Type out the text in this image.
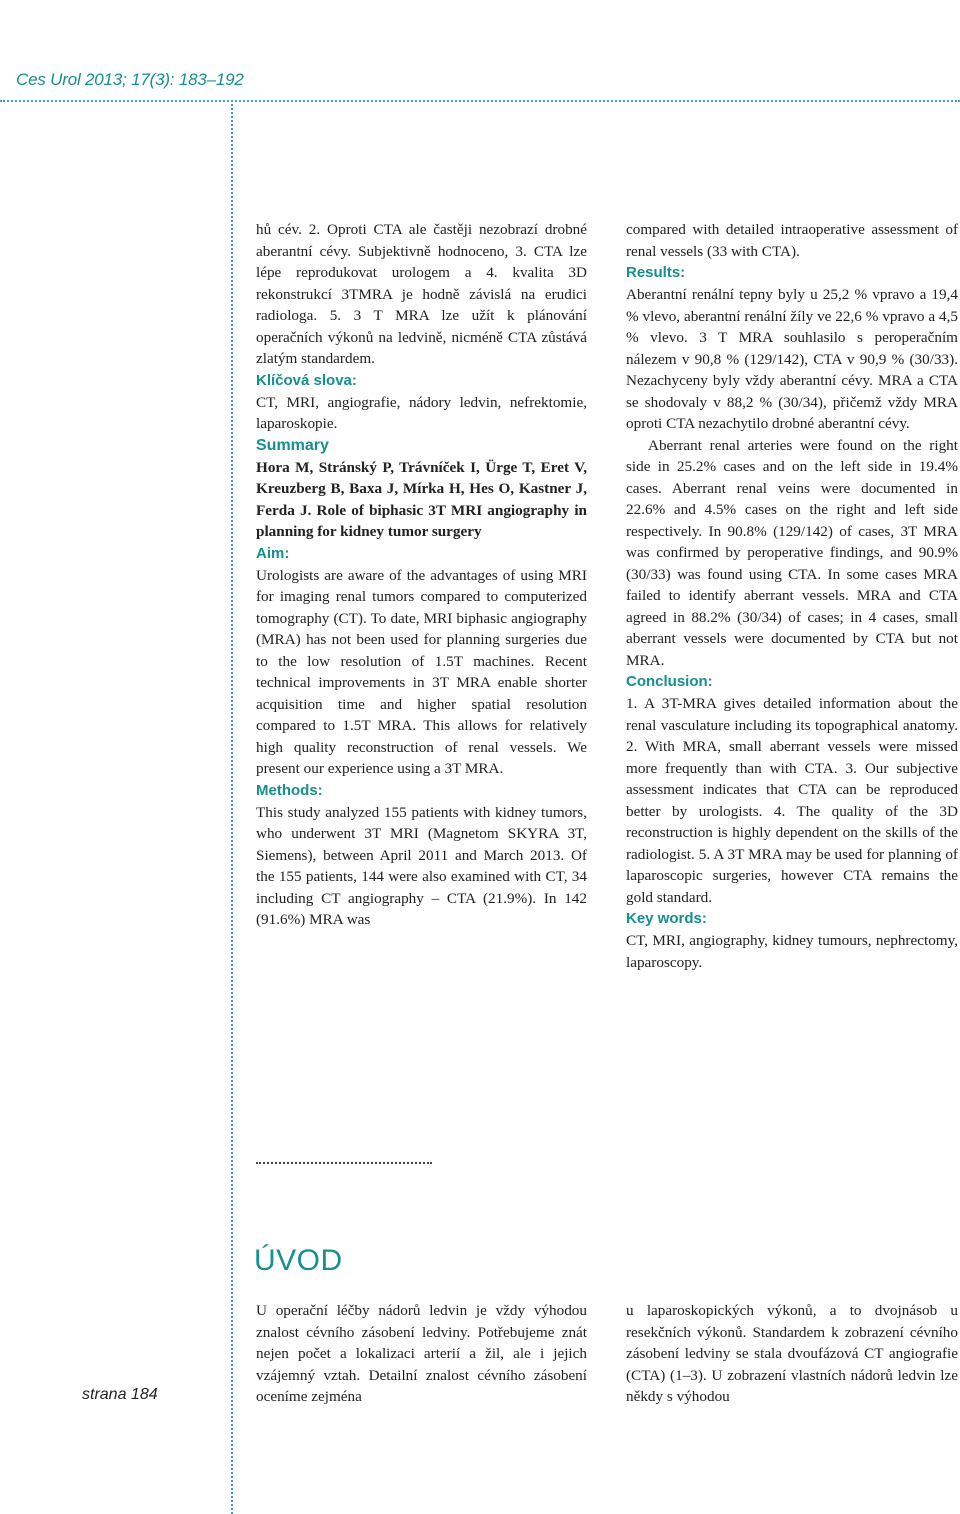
Ces Urol 2013; 17(3): 183–192

hů cév. 2. Oproti CTA ale častěji nezobrazí drobné aberantní cévy. Subjektivně hodnoceno, 3. CTA lze lépe reprodukovat urologem a 4. kvalita 3D rekonstrukcí 3TMRA je hodně závislá na erudici radiologa. 5. 3 T MRA lze užít k plánování operačních výkonů na ledvině, nicméně CTA zůstává zlatým standardem.

Klíčová slova:

CT, MRI, angiografie, nádory ledvin, nefrektomie, laparoskopie.

Summary

Hora M, Stránský P, Trávníček I, Ürge T, Eret V, Kreuzberg B, Baxa J, Mírka H, Hes O, Kastner J, Ferda J. Role of biphasic 3T MRI angiography in planning for kidney tumor surgery

Aim:

Urologists are aware of the advantages of using MRI for imaging renal tumors compared to computerized tomography (CT). To date, MRI biphasic angiography (MRA) has not been used for planning surgeries due to the low resolution of 1.5T machines. Recent technical improvements in 3T MRA enable shorter acquisition time and higher spatial resolution compared to 1.5T MRA. This allows for relatively high quality reconstruction of renal vessels. We present our experience using a 3T MRA.

Methods:

This study analyzed 155 patients with kidney tumors, who underwent 3T MRI (Magnetom SKYRA 3T, Siemens), between April 2011 and March 2013. Of the 155 patients, 144 were also examined with CT, 34 including CT angiography – CTA (21.9%). In 142 (91.6%) MRA was

compared with detailed intraoperative assessment of renal vessels (33 with CTA).

Results:

Aberantní renální tepny byly u 25,2 % vpravo a 19,4 % vlevo, aberantní renální žíly ve 22,6 % vpravo a 4,5 % vlevo. 3 T MRA souhlasilo s peroperačním nálezem v 90,8 % (129/142), CTA v 90,9 % (30/33). Nezachyceny byly vždy aberantní cévy. MRA a CTA se shodovaly v 88,2 % (30/34), přičemž vždy MRA oproti CTA nezachytilo drobné aberantní cévy.

Aberrant renal arteries were found on the right side in 25.2% cases and on the left side in 19.4% cases. Aberrant renal veins were documented in 22.6% and 4.5% cases on the right and left side respectively. In 90.8% (129/142) of cases, 3T MRA was confirmed by peroperative findings, and 90.9% (30/33) was found using CTA. In some cases MRA failed to identify aberrant vessels. MRA and CTA agreed in 88.2% (30/34) of cases; in 4 cases, small aberrant vessels were documented by CTA but not MRA.

Conclusion:

1. A 3T-MRA gives detailed information about the renal vasculature including its topographical anatomy. 2. With MRA, small aberrant vessels were missed more frequently than with CTA. 3. Our subjective assessment indicates that CTA can be reproduced better by urologists. 4. The quality of the 3D reconstruction is highly dependent on the skills of the radiologist. 5. A 3T MRA may be used for planning of laparoscopic surgeries, however CTA remains the gold standard.

Key words:

CT, MRI, angiography, kidney tumours, nephrectomy, laparoscopy.

ÚVOD

U operační léčby nádorů ledvin je vždy výhodou znalost cévního zásobení ledviny. Potřebujeme znát nejen počet a lokalizaci arterií a žil, ale i jejich vzájemný vztah. Detailní znalost cévního zásobení oceníme zejména

u laparoskopických výkonů, a to dvojnásob u resekčních výkonů. Standardem k zobrazení cévního zásobení ledviny se stala dvoufázová CT angiografie (CTA) (1–3). U zobrazení vlastních nádorů ledvin lze někdy s výhodou

strana 184
